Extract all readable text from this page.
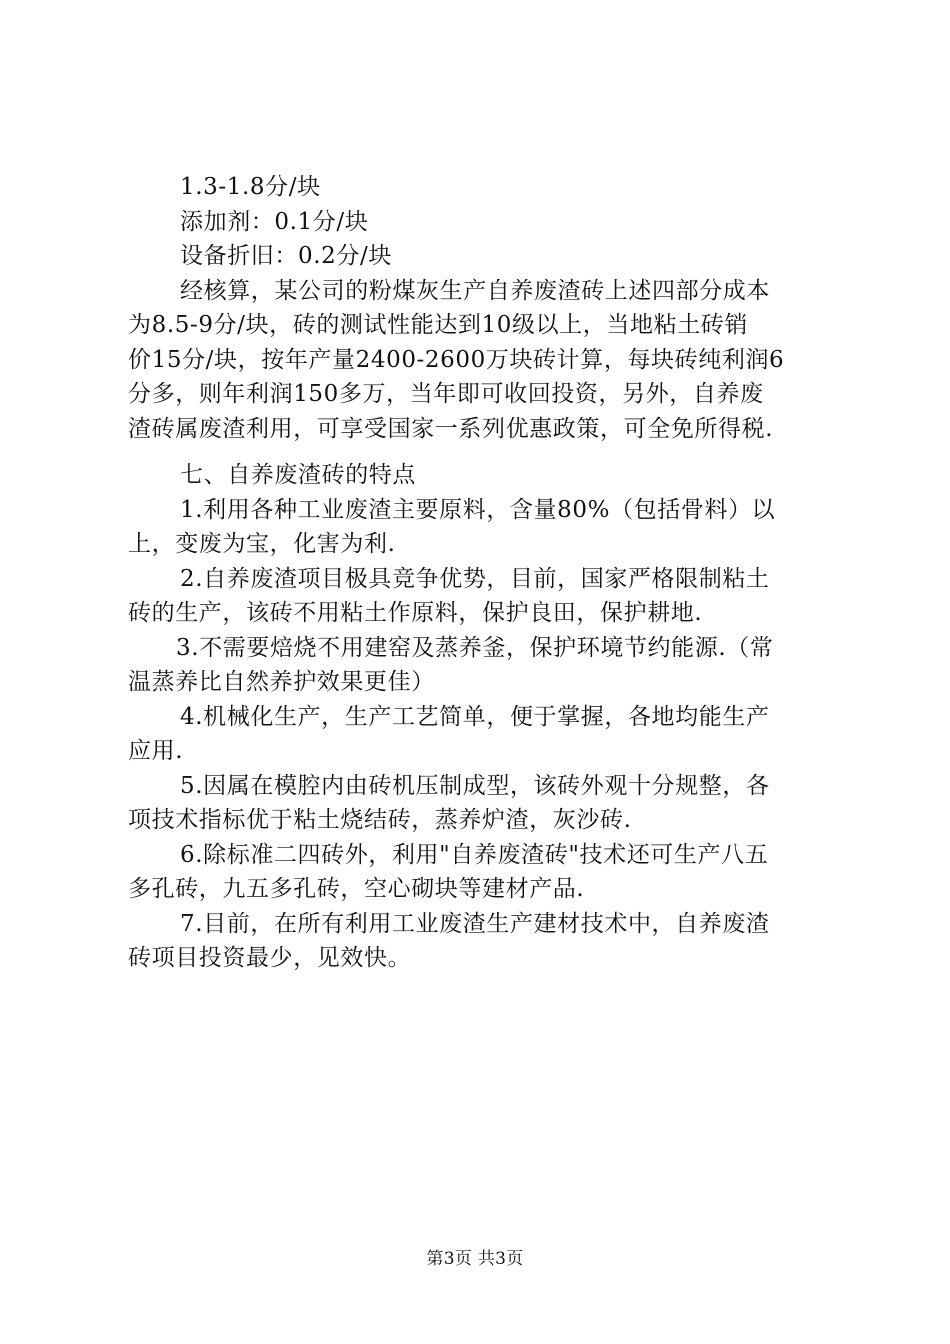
1.3-1.8分/块
添加剂：0.1分/块
设备折旧：0.2分/块
经核算，某公司的粉煤灰生产自养废渣砖上述四部分成本
为8.5-9分/块，砖的测试性能达到10级以上，当地粘土砖销
价15分/块，按年产量2400-2600万块砖计算，每块砖纯利润6
分多，则年利润150多万，当年即可收回投资，另外，自养废
渣砖属废渣利用，可享受国家一系列优惠政策，可全免所得税.
七、自养废渣砖的特点
1.利用各种工业废渣主要原料，含量80%（包括骨料）以
上，变废为宝，化害为利.
2.自养废渣项目极具竞争优势，目前，国家严格限制粘土
砖的生产，该砖不用粘土作原料，保护良田，保护耕地.
3.不需要焙烧不用建窑及蒸养釜，保护环境节约能源.（常
温蒸养比自然养护效果更佳）
4.机械化生产，生产工艺简单，便于掌握，各地均能生产
应用.
5.因属在模腔内由砖机压制成型，该砖外观十分规整，各
项技术指标优于粘土烧结砖，蒸养炉渣，灰沙砖.
6.除标准二四砖外，利用"自养废渣砖"技术还可生产八五
多孔砖，九五多孔砖，空心砌块等建材产品.
7.目前，在所有利用工业废渣生产建材技术中，自养废渣
砖项目投资最少，见效快。
第3页 共3页
